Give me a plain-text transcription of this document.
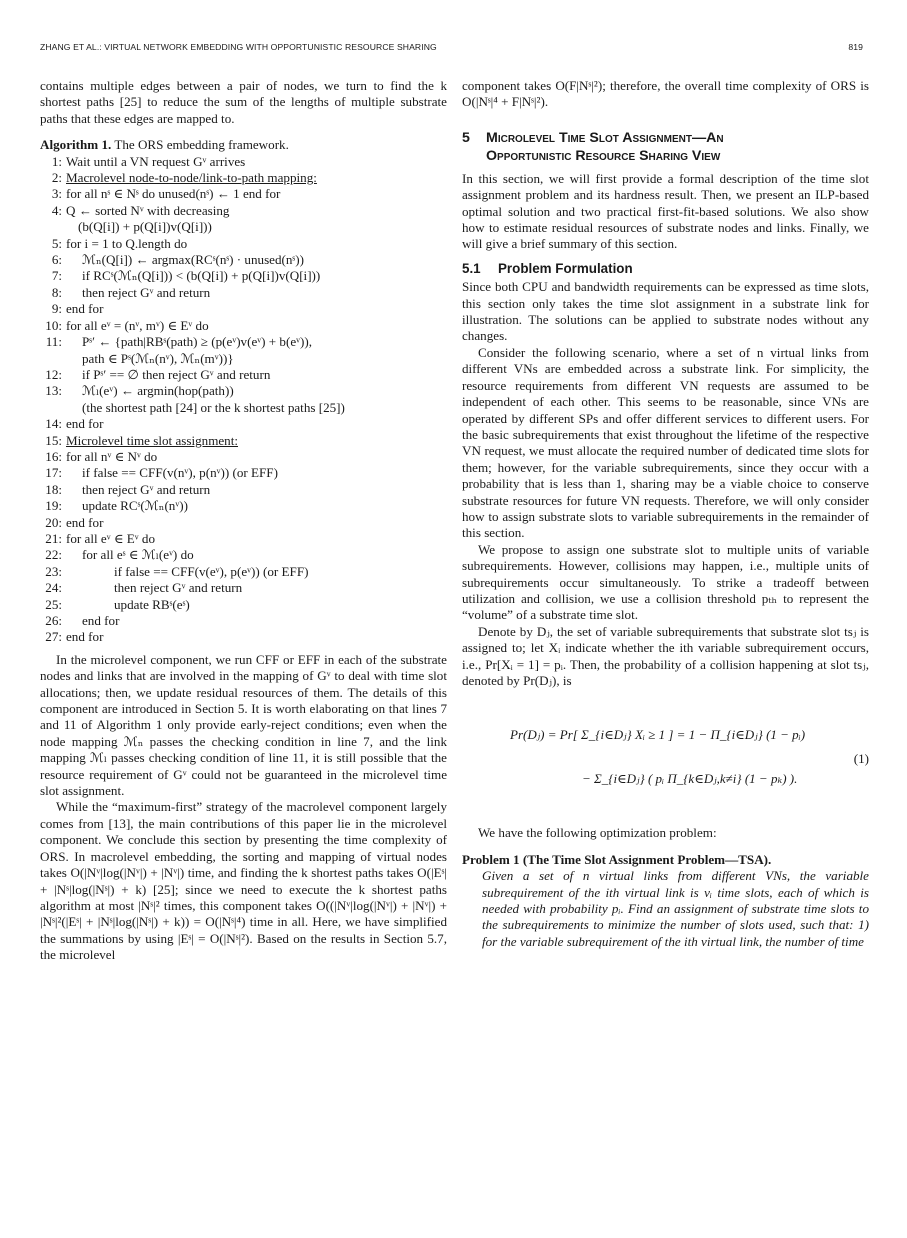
ZHANG ET AL.: VIRTUAL NETWORK EMBEDDING WITH OPPORTUNISTIC RESOURCE SHARING	819

contains multiple edges between a pair of nodes, we turn to find the k shortest paths [25] to reduce the sum of the lengths of multiple substrate paths that these edges are mapped to.

Algorithm 1. The ORS embedding framework.

1: Wait until a VN request Gᵛ arrives
2: Macrolevel node-to-node/link-to-path mapping:
3: for all nˢ ∈ Nˢ do unused(nˢ) ← 1 end for
4: Q ← sorted Nᵛ with decreasing
(b(Q[i]) + p(Q[i])v(Q[i]))
5: for i = 1 to Q.length do
6:	ℳₙ(Q[i]) ← argmax(RCˢ(nˢ) · unused(nˢ))
7:	if RCˢ(ℳₙ(Q[i])) < (b(Q[i]) + p(Q[i])v(Q[i]))
8:	then reject Gᵛ and return
9: end for
10: for all eᵛ = (nᵛ, mᵛ) ∈ Eᵛ do
11:	Pˢ′ ← {path|RBˢ(path) ≥ (p(eᵛ)v(eᵛ) + b(eᵛ)),
path ∈ Pˢ(ℳₙ(nᵛ), ℳₙ(mᵛ))}
12:	if Pˢ′ == ∅ then reject Gᵛ and return
13:	ℳₗ(eᵛ) ← argmin(hop(path))
(the shortest path [24] or the k shortest paths [25])
14: end for
15: Microlevel time slot assignment:
16: for all nᵛ ∈ Nᵛ do
17:	if false == CFF(v(nᵛ), p(nᵛ)) (or EFF)
18:	then reject Gᵛ and return
19:	update RCˢ(ℳₙ(nᵛ))
20: end for
21: for all eᵛ ∈ Eᵛ do
22:	for all eˢ ∈ ℳₗ(eᵛ) do
23:	if false == CFF(v(eᵛ), p(eᵛ)) (or EFF)
24:	then reject Gᵛ and return
25:	update RBˢ(eˢ)
26:	end for
27: end for

In the microlevel component, we run CFF or EFF in each of the substrate nodes and links that are involved in the mapping of Gᵛ to deal with time slot allocations; then, we update residual resources of them. The details of this component are introduced in Section 5. It is worth elaborating on that lines 7 and 11 of Algorithm 1 only provide early-reject conditions; even when the node mapping ℳₙ passes the checking condition in line 7, and the link mapping ℳₗ passes checking condition of line 11, it is still possible that the resource requirement of Gᵛ could not be guaranteed in the microlevel time slot assignment.

While the “maximum-first” strategy of the macrolevel component largely comes from [13], the main contributions of this paper lie in the microlevel component. We conclude this section by presenting the time complexity of ORS. In macrolevel embedding, the sorting and mapping of virtual nodes takes O(|Nᵛ|log(|Nᵛ|) + |Nᵛ|) time, and finding the k shortest paths takes O(|Eˢ| + |Nˢ|log(|Nˢ|) + k) [25]; since we need to execute the k shortest paths algorithm at most |Nˢ|² times, this component takes O((|Nᵛ|log(|Nᵛ|) + |Nᵛ|) + |Nˢ|²(|Eˢ| + |Nˢ|log(|Nˢ|) + k)) = O(|Nˢ|⁴) time in all. Here, we have simplified the summations by using |Eˢ| = O(|Nˢ|²). Based on the results in Section 5.7, the microlevel

component takes O(F|Nˢ|²); therefore, the overall time complexity of ORS is O(|Nˢ|⁴ + F|Nˢ|²).

5 Microlevel Time Slot Assignment—An
Opportunistic Resource Sharing View

In this section, we will first provide a formal description of the time slot assignment problem and its hardness result. Then, we present an ILP-based optimal solution and two practical first-fit-based solutions. We also show how to estimate residual resources of substrate nodes and links. Finally, we will give a brief summary of this section.

5.1 Problem Formulation

Since both CPU and bandwidth requirements can be expressed as time slots, this section only takes the time slot assignment in a substrate link for illustration. The solutions can be applied to substrate nodes without any changes.

Consider the following scenario, where a set of n virtual links from different VNs are embedded across a substrate link. For simplicity, the resource requirements from different VN requests are assumed to be independent of each other. This seems to be reasonable, since VNs are operated by different SPs and offer different services to different users. For the basic subrequirements that exist throughout the lifetime of the respective VN request, we must allocate the required number of dedicated time slots for them; however, for the variable subrequirements, since they occur with a probability that is less than 1, sharing may be a viable choice to conserve substrate resources for future VN requests. Therefore, we will only consider how to assign substrate slots to variable subrequirements in the remainder of this section.

We propose to assign one substrate slot to multiple units of variable subrequirements. However, collisions may happen, i.e., multiple units of subrequirements occur simultaneously. To strike a tradeoff between utilization and collision, we use a collision threshold pₜₕ to represent the “volume” of a substrate time slot.

Denote by Dⱼ, the set of variable subrequirements that substrate slot tsⱼ is assigned to; let Xᵢ indicate whether the ith variable subrequirement occurs, i.e., Pr[Xᵢ = 1] = pᵢ. Then, the probability of a collision happening at slot tsⱼ, denoted by Pr(Dⱼ), is

Pr(Dⱼ) = Pr[ Σ_{i∈Dⱼ} Xᵢ ≥ 1 ] = 1 − Π_{i∈Dⱼ} (1 − pᵢ)
− Σ_{i∈Dⱼ} ( pᵢ Π_{k∈Dⱼ,k≠i} (1 − pₖ) ).
(1)

We have the following optimization problem:

Problem 1 (The Time Slot Assignment Problem—TSA).

Given a set of n virtual links from different VNs, the variable subrequirement of the ith virtual link is vᵢ time slots, each of which is needed with probability pᵢ. Find an assignment of substrate time slots to the subrequirements to minimize the number of slots used, such that: 1) for the variable subrequirement of the ith virtual link, the number of time
